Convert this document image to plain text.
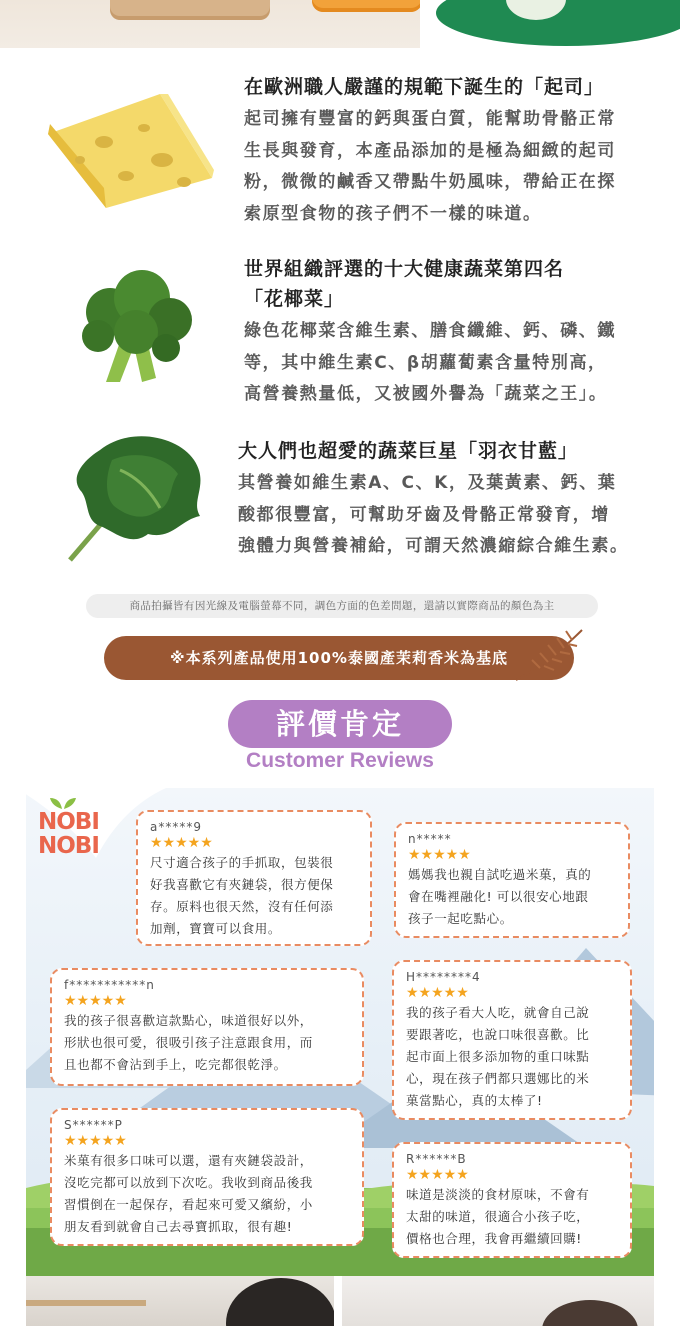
在歐洲職人嚴謹的規範下誕生的「起司」
起司擁有豐富的鈣與蛋白質，能幫助骨骼正常
生長與發育，本產品添加的是極為細緻的起司
粉，微微的鹹香又帶點牛奶風味，帶給正在探
索原型食物的孩子們不一樣的味道。
世界組織評選的十大健康蔬菜第四名
「花椰菜」
綠色花椰菜含維生素、膳食纖維、鈣、磷、鐵
等，其中維生素C、β胡蘿蔔素含量特別高，
高營養熱量低，又被國外譽為「蔬菜之王」。
大人們也超愛的蔬菜巨星「羽衣甘藍」
其營養如維生素A、C、K，及葉黃素、鈣、葉
酸都很豐富，可幫助牙齒及骨骼正常發育，增
強體力與營養補給，可謂天然濃縮綜合維生素。
商品拍攝皆有因光線及電腦螢幕不同，調色方面的色差問題，還請以實際商品的顏色為主
※本系列產品使用100%泰國產茉莉香米為基底
評價肯定
Customer Reviews
NOBI
NOBI
a*****9
★★★★★
尺寸適合孩子的手抓取，包裝很
好我喜歡它有夾鏈袋，很方便保
存。原料也很天然，沒有任何添
加劑，寶寶可以食用。
n*****
★★★★★
媽媽我也親自試吃過米菓，真的
會在嘴裡融化! 可以很安心地跟
孩子一起吃點心。
f***********n
★★★★★
我的孩子很喜歡這款點心，味道很好以外，
形狀也很可愛，很吸引孩子注意跟食用，而
且也都不會沾到手上，吃完都很乾淨。
H********4
★★★★★
我的孩子看大人吃，就會自己說
要跟著吃，也說口味很喜歡。比
起市面上很多添加物的重口味點
心，現在孩子們都只選娜比的米
菓當點心，真的太棒了!
S******P
★★★★★
米菓有很多口味可以選，還有夾鏈袋設計，
沒吃完都可以放到下次吃。我收到商品後我
習慣倒在一起保存，看起來可愛又繽紛，小
朋友看到就會自己去尋寶抓取，很有趣!
R******B
★★★★★
味道是淡淡的食材原味，不會有
太甜的味道，很適合小孩子吃，
價格也合理，我會再繼續回購!
